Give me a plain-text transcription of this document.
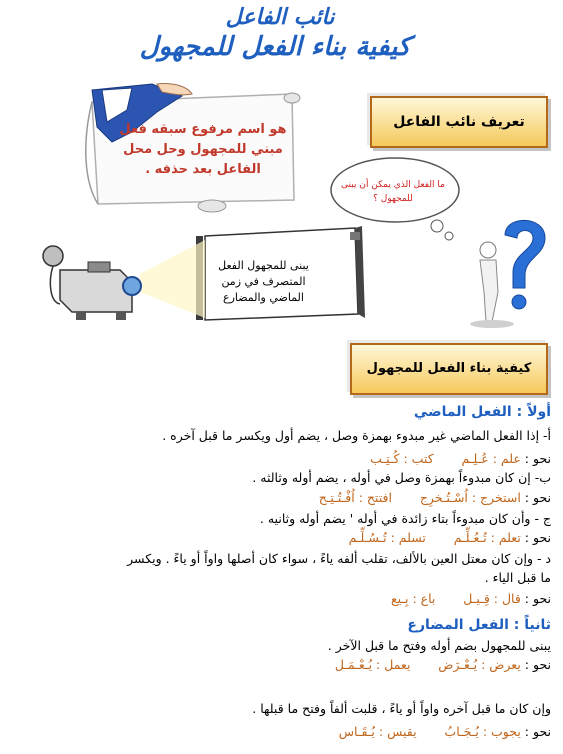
نائب الفاعل
كيفية بناء الفعل للمجهول
هو اسم مرفوع سبقه فعل
مبني للمجهول وحل محل
الفاعل بعد حذفه .
تعريف نائب الفاعل
ما الفعل الذي يمكن أن يبنى
للمجهول ؟
يبنى للمجهول الفعل
المتصرف في زمن
الماضي والمضارع
كيفية بناء الفعل للمجهول
أولاً : الفعل الماضي
أ- إذا الفعل الماضي غير مبدوء بهمزة وصل ، يضم أول ويكسر ما قبل آخره .
نحو : علم : عُـلِـم       كتب : كُـتِـب
ب- إن كان مبدوءاً بهمزة وصل في أوله ، يضم أوله وثالثه .
نحو : استخرج : اُسْـتُـخرِج       افتتح : اُفْـتُـتِـح
ج - وأن كان مبدوءاً بتاء زائدة في أوله ' يضم أوله وثانيه .
نحو : تعلم : تُـعُـلِّـم       تسلم : تُـسُـلِّـم
د - وإن كان معتل العين بالألف، تقلب ألفه ياءً ، سواء كان أصلها واواً أو ياءً . ويكسر
ما قبل الياء .
نحو : قال : قِـيـل       باع : بِـيع
ثانياً : الفعل المضارع
يبنى للمجهول بضم أوله وفتح ما قبل الآخر .
نحو : يعرض : يُـعْـرَض       يعمل : يُـعْـمَـل
وإن كان ما قبل آخره واواً أو ياءً ، قلبت ألفاً وفتح ما قبلها .
نحو : يجوب : يُـجَـابُ       يقيس : يُـقَـاس
